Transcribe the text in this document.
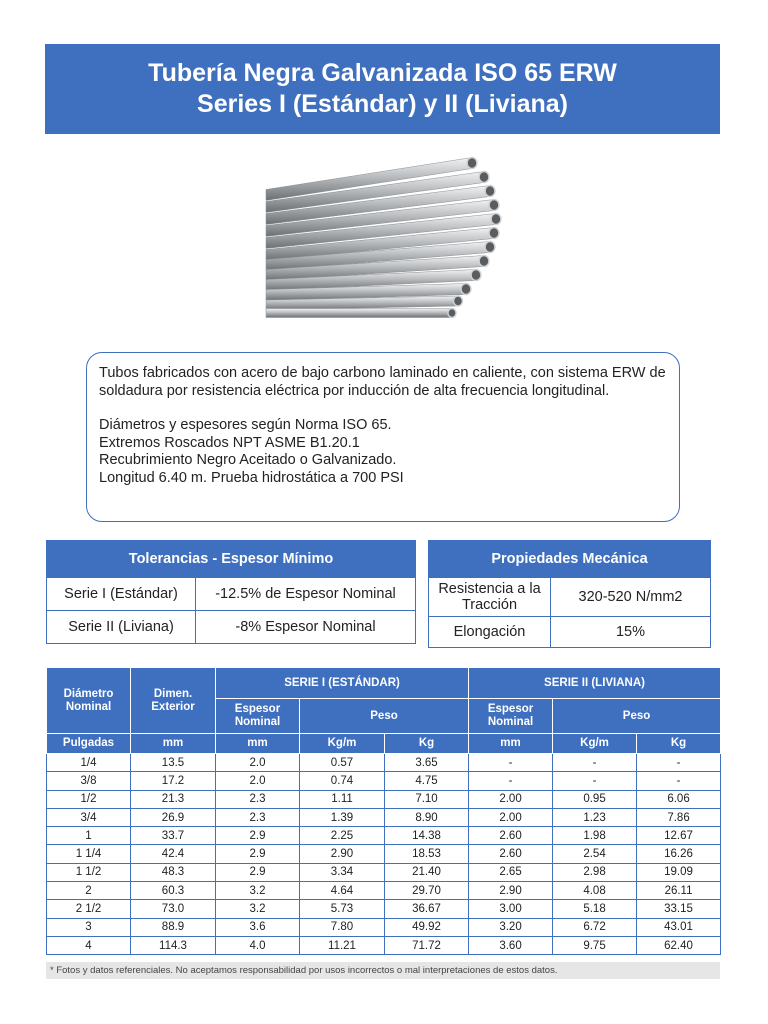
Tubería Negra Galvanizada ISO 65 ERW
Series I (Estándar) y II (Liviana)

Tubos fabricados con acero de bajo carbono laminado en caliente, con sistema ERW de soldadura por resistencia eléctrica por inducción de alta frecuencia longitudinal.

Diámetros y espesores según Norma ISO 65.

Extremos Roscados NPT ASME B1.20.1

Recubrimiento Negro Aceitado o Galvanizado.

Longitud 6.40 m. Prueba hidrostática a 700 PSI

Tolerancias - Espesor Mínimo	
Serie I (Estándar)	-12.5% de Espesor Nominal
Serie II (Liviana)	-8% Espesor Nominal
Propiedades Mecánica	
Resistencia a la Tracción	320-520 N/mm2
Elongación	15%
Diámetro Nominal	Dimen. Exterior	SERIE I (ESTÁNDAR)			SERIE II (LIVIANA)		
		Espesor Nominal	Peso		Espesor Nominal	Peso	
Pulgadas	mm	mm	Kg/m	Kg	mm	Kg/m	Kg
1/4	13.5	2.0	0.57	3.65	-	-	-
3/8	17.2	2.0	0.74	4.75	-	-	-
1/2	21.3	2.3	1.11	7.10	2.00	0.95	6.06
3/4	26.9	2.3	1.39	8.90	2.00	1.23	7.86
1	33.7	2.9	2.25	14.38	2.60	1.98	12.67
1 1/4	42.4	2.9	2.90	18.53	2.60	2.54	16.26
1 1/2	48.3	2.9	3.34	21.40	2.65	2.98	19.09
2	60.3	3.2	4.64	29.70	2.90	4.08	26.11
2 1/2	73.0	3.2	5.73	36.67	3.00	5.18	33.15
3	88.9	3.6	7.80	49.92	3.20	6.72	43.01
4	114.3	4.0	11.21	71.72	3.60	9.75	62.40
* Fotos y datos referenciales. No aceptamos responsabilidad por usos incorrectos o mal interpretaciones de estos datos.
